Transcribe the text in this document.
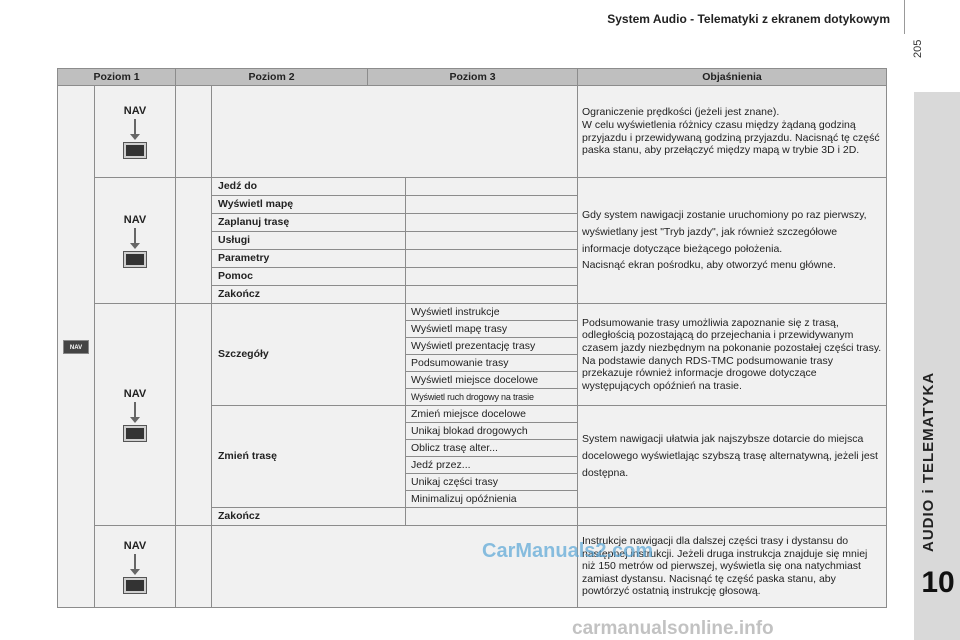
System Audio - Telematyki z ekranem dotykowym
205
AUDIO i TELEMATYKA
10
Poziom 1		Poziom 2		Poziom 3		Objaśnienia
NAV	NAV					Ograniczenie prędkości (jeżeli jest znane).
W celu wyświetlenia różnicy czasu między żądaną godziną przyjazdu i przewidywaną godziną przyjazdu. Nacisnąć tę część paska stanu, aby przełączyć między mapą w trybie 3D i 2D.

	NAV		Jedź do			Gdy system nawigacji zostanie uruchomiony po raz pierwszy, wyświetlany jest "Tryb jazdy", jak również szczegółowe informacje dotyczące bieżącego położenia.
Nacisnąć ekran pośrodku, aby otworzyć menu główne.
			Wyświetl mapę			
			Zaplanuj trasę			
			Usługi			
			Parametry			
			Pomoc			
			Zakończ			

	NAV		Szczegóły		Wyświetl instrukcje	Podsumowanie trasy umożliwia zapoznanie się z trasą, odległością pozostającą do przejechania i przewidywanym czasem jazdy niezbędnym na pokonanie pozostałej części trasy.
Na podstawie danych RDS-TMC podsumowanie trasy przekazuje również informacje drogowe dotyczące występujących opóźnień na trasie.
					Wyświetl mapę trasy	
					Wyświetl prezentację trasy	
					Podsumowanie trasy	
					Wyświetl miejsce docelowe	
					Wyświetl ruch drogowy na trasie	
			Zmień trasę		Zmień miejsce docelowe	System nawigacji ułatwia jak najszybsze dotarcie do miejsca docelowego wyświetlając szybszą trasę alternatywną, jeżeli jest dostępna.
					Unikaj blokad drogowych	
					Oblicz trasę alter...	
					Jedź przez...	
					Unikaj części trasy	
					Minimalizuj opóźnienia	
			Zakończ			

	NAV					Instrukcje nawigacji dla dalszej części trasy i dystansu do następnej instrukcji. Jeżeli druga instrukcja znajduje się mniej niż 150 metrów od pierwszej, wyświetla się ona natychmiast zamiast dystansu. Nacisnąć tę część paska stanu, aby powtórzyć ostatnią instrukcję głosową.
CarManuals2.com
carmanualsonline.info
